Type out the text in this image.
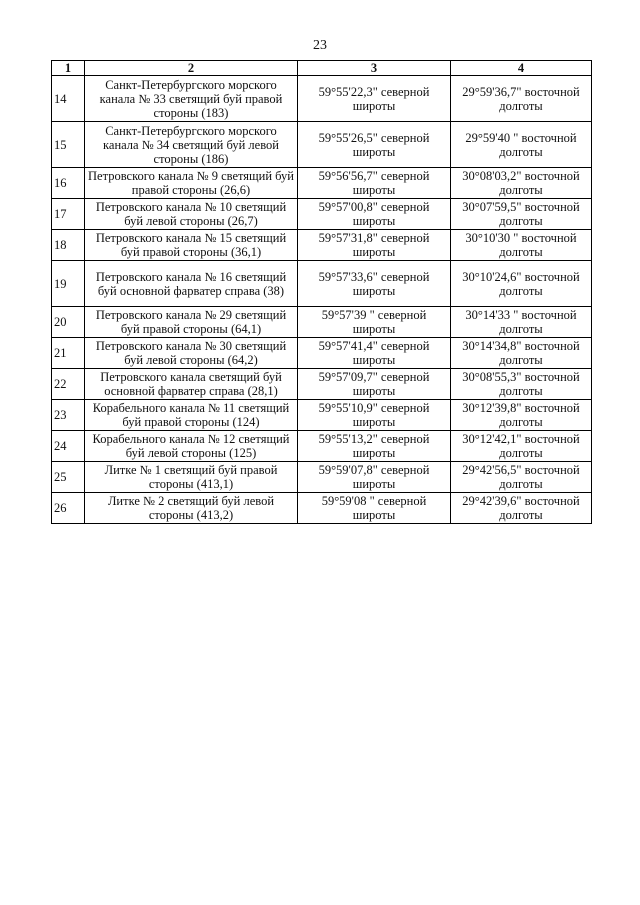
23
1	2	3	4
14	Санкт-Петербургского морского канала № 33 светящий буй правой стороны (183)	59°55'22,3" северной широты	29°59'36,7" восточной долготы
15	Санкт-Петербургского морского канала № 34 светящий буй левой стороны (186)	59°55'26,5" северной широты	29°59'40 " восточной долготы
16	Петровского канала № 9 светящий буй правой стороны (26,6)	59°56'56,7" северной широты	30°08'03,2" восточной долготы
17	Петровского канала № 10 светящий буй левой стороны (26,7)	59°57'00,8" северной широты	30°07'59,5" восточной долготы
18	Петровского канала № 15 светящий буй правой стороны (36,1)	59°57'31,8" северной широты	30°10'30 " восточной долготы
19	Петровского канала № 16 светящий буй основной фарватер справа (38)	59°57'33,6" северной широты	30°10'24,6" восточной долготы
20	Петровского канала № 29 светящий буй правой стороны (64,1)	59°57'39 " северной широты	30°14'33 " восточной долготы
21	Петровского канала № 30 светящий буй левой стороны (64,2)	59°57'41,4" северной широты	30°14'34,8" восточной долготы
22	Петровского канала светящий буй основной фарватер справа (28,1)	59°57'09,7" северной широты	30°08'55,3" восточной долготы
23	Корабельного канала № 11 светящий буй правой стороны (124)	59°55'10,9" северной широты	30°12'39,8" восточной долготы
24	Корабельного канала № 12 светящий буй левой стороны (125)	59°55'13,2" северной широты	30°12'42,1" восточной долготы
25	Литке № 1 светящий буй правой стороны (413,1)	59°59'07,8" северной широты	29°42'56,5" восточной долготы
26	Литке № 2 светящий буй левой стороны (413,2)	59°59'08 " северной широты	29°42'39,6" восточной долготы
